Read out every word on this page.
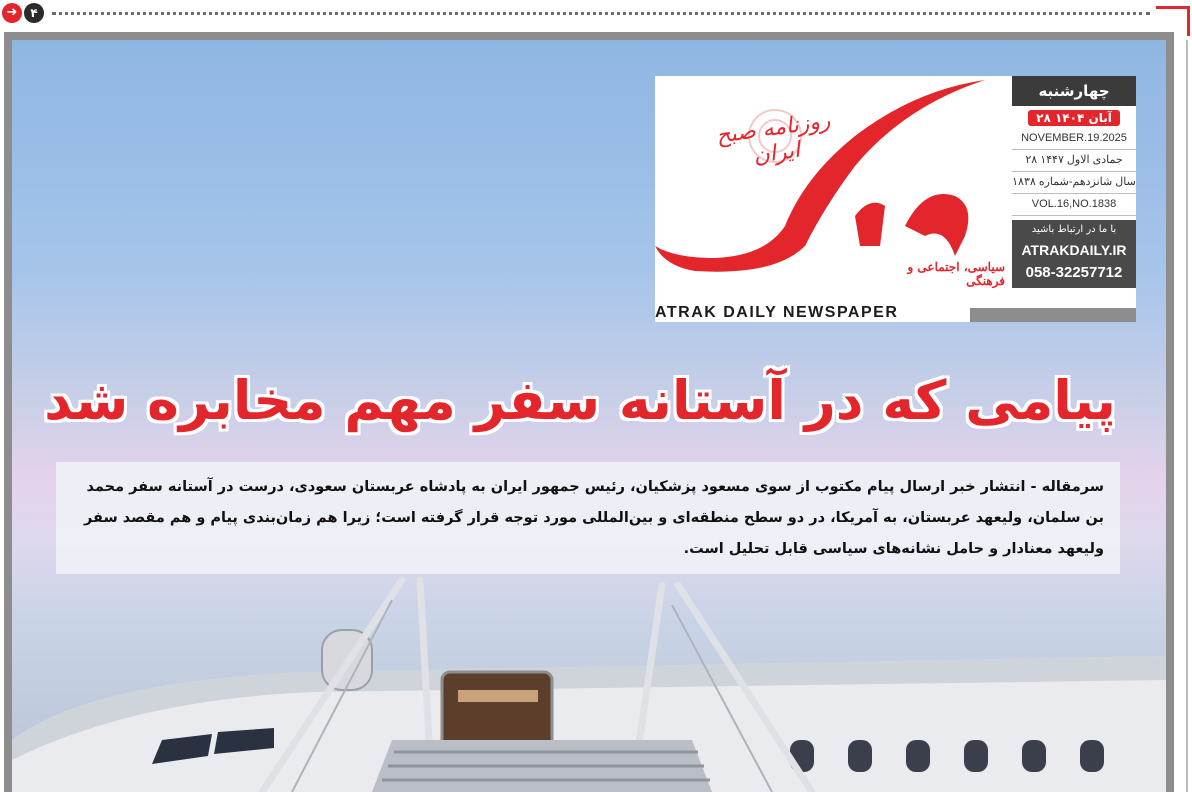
➜	۴
روزنامه صبح ایران
سیاسی، اجتماعی و فرهنگی
ATRAK DAILY NEWSPAPER
چهارشنبه
۲۸ آبان ۱۴۰۴
NOVEMBER.19.2025
۲۸ جمادی الاول ۱۴۴۷
سال شانزدهم-شماره ۱۸۳۸
VOL.16,NO.1838
با ما در ارتباط باشید
ATRAKDAILY.IR
058-32257712
پیامی که در آستانه سفر مهم مخابره شد
سرمقاله - انتشار خبر ارسال پیام مکتوب از سوی مسعود پزشکیان، رئیس جمهور ایران به پادشاه عربستان سعودی، درست در آستانه سفر محمد بن سلمان، ولیعهد عربستان، به آمریکا، در دو سطح منطقه‌ای و بین‌المللی مورد توجه قرار گرفته است؛ زیرا هم زمان‌بندی پیام و هم مقصد سفر ولیعهد معنادار و حامل نشانه‌های سیاسی قابل تحلیل است.
